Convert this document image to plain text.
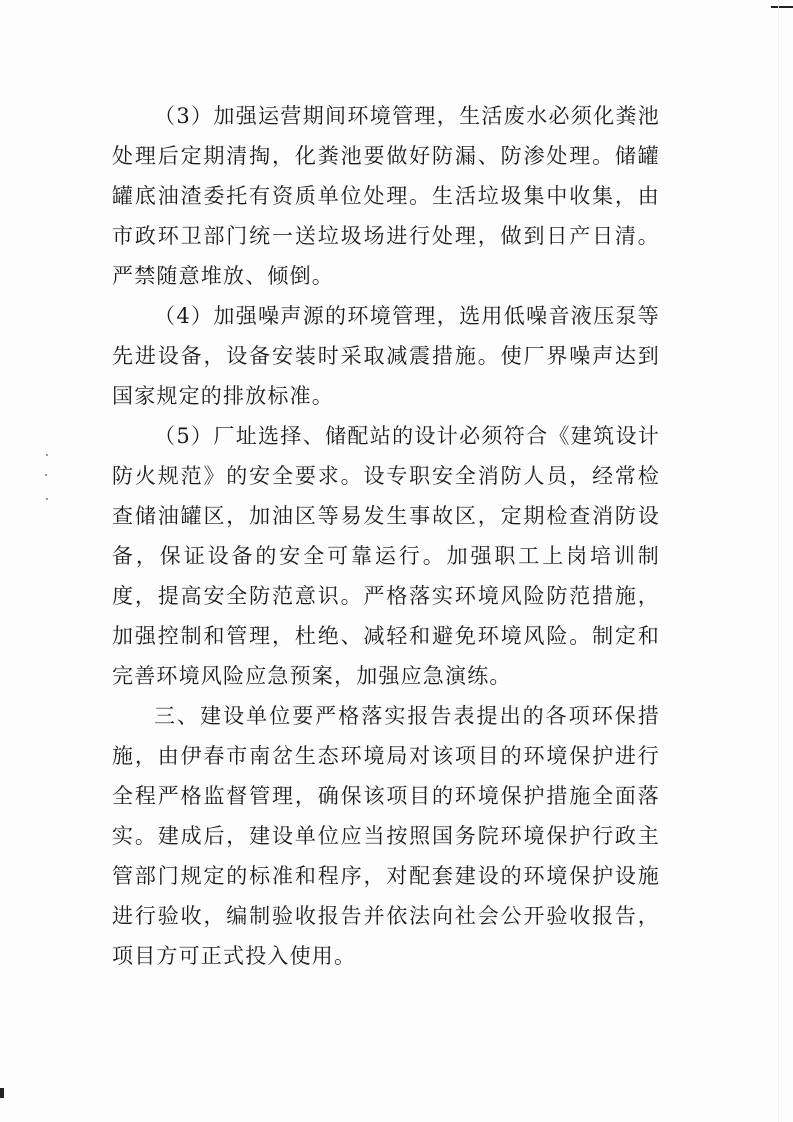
（3）加强运营期间环境管理，生活废水必须化粪池处理后定期清掏，化粪池要做好防漏、防渗处理。储罐罐底油渣委托有资质单位处理。生活垃圾集中收集，由市政环卫部门统一送垃圾场进行处理，做到日产日清。严禁随意堆放、倾倒。

（4）加强噪声源的环境管理，选用低噪音液压泵等先进设备，设备安装时采取减震措施。使厂界噪声达到国家规定的排放标准。

（5）厂址选择、储配站的设计必须符合《建筑设计防火规范》的安全要求。设专职安全消防人员，经常检查储油罐区，加油区等易发生事故区，定期检查消防设备，保证设备的安全可靠运行。加强职工上岗培训制度，提高安全防范意识。严格落实环境风险防范措施，加强控制和管理，杜绝、减轻和避免环境风险。制定和完善环境风险应急预案，加强应急演练。

三、建设单位要严格落实报告表提出的各项环保措施，由伊春市南岔生态环境局对该项目的环境保护进行全程严格监督管理，确保该项目的环境保护措施全面落实。建成后，建设单位应当按照国务院环境保护行政主管部门规定的标准和程序，对配套建设的环境保护设施进行验收，编制验收报告并依法向社会公开验收报告，项目方可正式投入使用。
